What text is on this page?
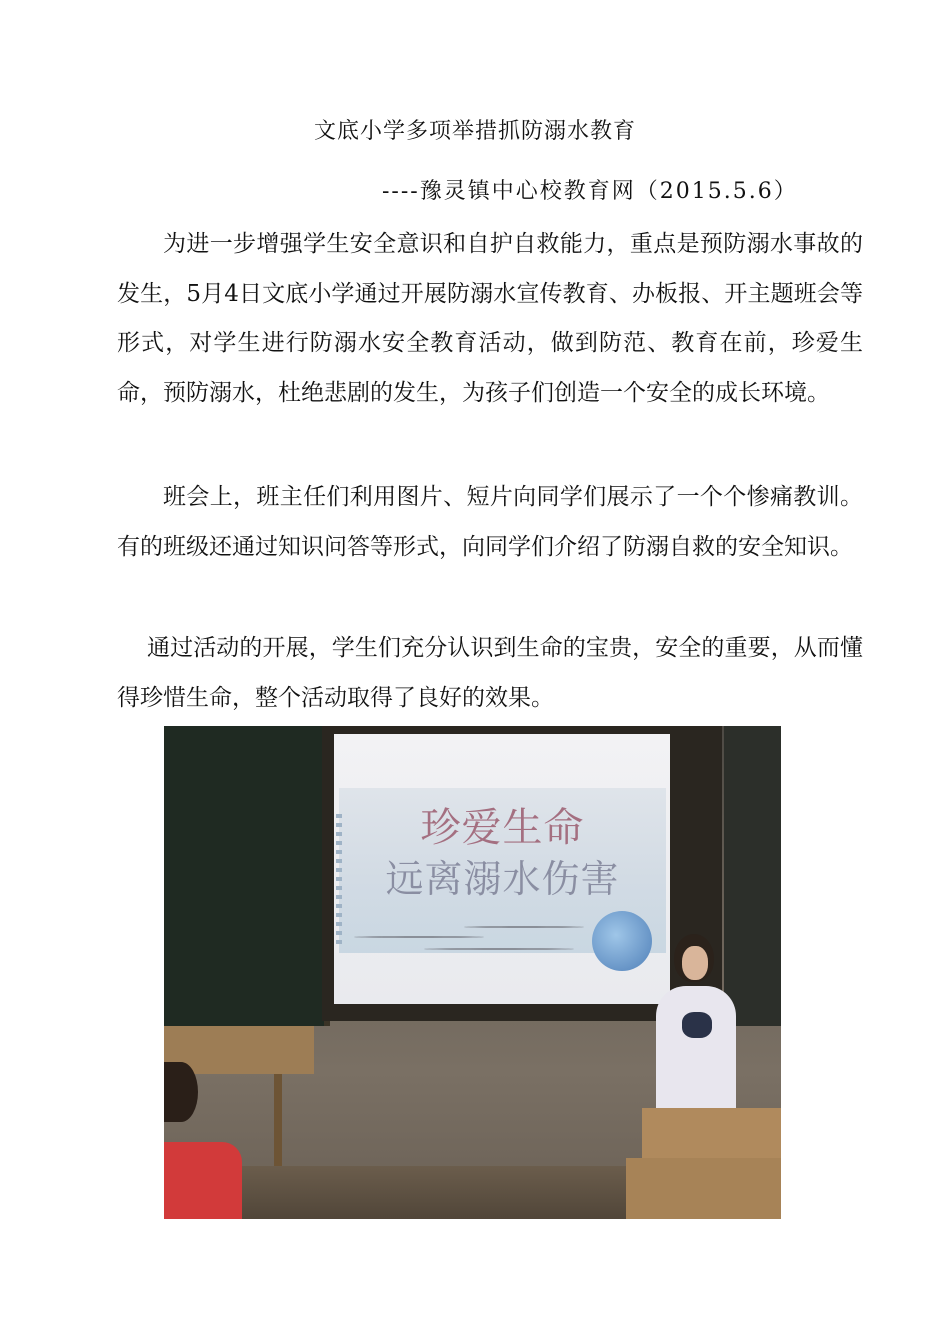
文底小学多项举措抓防溺水教育
----豫灵镇中心校教育网（2015.5.6）

为进一步增强学生安全意识和自护自救能力，重点是预防溺水事故的发生，5月4日文底小学通过开展防溺水宣传教育、办板报、开主题班会等形式，对学生进行防溺水安全教育活动，做到防范、教育在前，珍爱生命，预防溺水，杜绝悲剧的发生，为孩子们创造一个安全的成长环境。

班会上，班主任们利用图片、短片向同学们展示了一个个惨痛教训。有的班级还通过知识问答等形式，向同学们介绍了防溺自救的安全知识。

通过活动的开展，学生们充分认识到生命的宝贵，安全的重要，从而懂得珍惜生命，整个活动取得了良好的效果。

珍爱生命
远离溺水伤害
